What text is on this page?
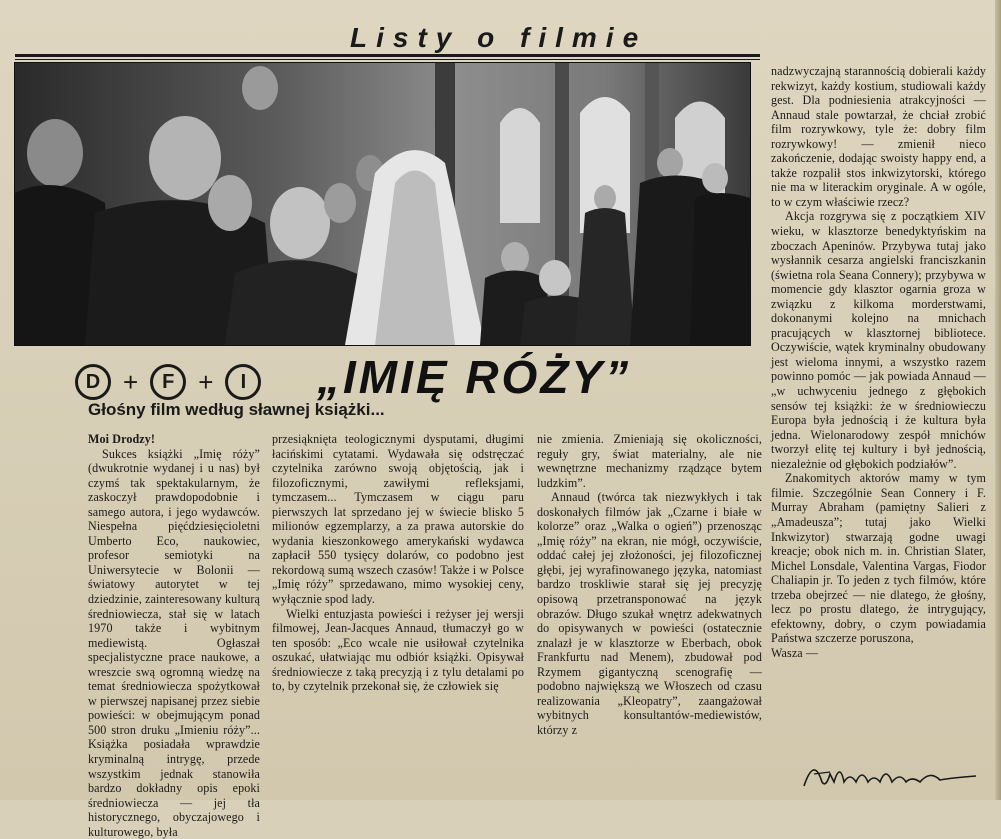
Listy o filmie
D +	F +	I	„IMIĘ RÓŻY”
Głośny film według sławnej książki...

Moi Drodzy!

Sukces książki „Imię róży” (dwukrotnie wydanej i u nas) był czymś tak spektakularnym, że zaskoczył prawdopodobnie i samego autora, i jego wydawców. Niespełna pięćdziesięcioletni Umberto Eco, naukowiec, profesor semiotyki na Uniwersytecie w Bolonii — światowy autorytet w tej dziedzinie, zainteresowany kulturą średniowiecza, stał się w latach 1970 także i wybitnym mediewistą. Ogłaszał specjalistyczne prace naukowe, a wreszcie swą ogromną wiedzę na temat średniowiecza spożytkował w pierwszej napisanej przez siebie powieści: w obejmującym ponad 500 stron druku „Imieniu róży”... Książka posiadała wprawdzie kryminalną intrygę, przede wszystkim jednak stanowiła bardzo dokładny opis epoki średniowiecza — jej tła historycznego, obyczajowego i kulturowego, była

przesiąknięta teologicznymi dysputami, długimi łacińskimi cytatami. Wydawała się odstręczać czytelnika zarówno swoją objętością, jak i filozoficznymi, zawiłymi refleksjami, tymczasem... Tymczasem w ciągu paru pierwszych lat sprzedano jej w świecie blisko 5 milionów egzemplarzy, a za prawa autorskie do wydania kieszonkowego amerykański wydawca zapłacił 550 tysięcy dolarów, co podobno jest rekordową sumą wszech czasów! Także i w Polsce „Imię róży” sprzedawano, mimo wysokiej ceny, wyłącznie spod lady.

Wielki entuzjasta powieści i reżyser jej wersji filmowej, Jean-Jacques Annaud, tłumaczył go w ten sposób: „Eco wcale nie usiłował czytelnika oszukać, ułatwiając mu odbiór książki. Opisywał średniowiecze z taką precyzją i z tylu detalami po to, by czytelnik przekonał się, że człowiek się

nie zmienia. Zmieniają się okoliczności, reguły gry, świat materialny, ale nie wewnętrzne mechanizmy rządzące bytem ludzkim”.

Annaud (twórca tak niezwykłych i tak doskonałych filmów jak „Czarne i białe w kolorze” oraz „Walka o ogień”) przenosząc „Imię róży” na ekran, nie mógł, oczywiście, oddać całej jej złożoności, jej filozoficznej głębi, jej wyrafinowanego języka, natomiast bardzo troskliwie starał się jej precyzję opisową przetransponować na język obrazów. Długo szukał wnętrz adekwatnych do opisywanych w powieści (ostatecznie znalazł je w klasztorze w Eberbach, obok Frankfurtu nad Menem), zbudował pod Rzymem gigantyczną scenografię — podobno największą we Włoszech od czasu realizowania „Kleopatry”, zaangażował wybitnych konsultantów-mediewistów, którzy z

nadzwyczajną starannością dobierali każdy rekwizyt, każdy kostium, studiowali każdy gest. Dla podniesienia atrakcyjności — Annaud stale powtarzał, że chciał zrobić film rozrywkowy, tyle że: dobry film rozrywkowy! — zmienił nieco zakończenie, dodając swoisty happy end, a także rozpalił stos inkwizytorski, którego nie ma w literackim oryginale. A w ogóle, to w czym właściwie rzecz?

Akcja rozgrywa się z początkiem XIV wieku, w klasztorze benedyktyńskim na zboczach Apeninów. Przybywa tutaj jako wysłannik cesarza angielski franciszkanin (świetna rola Seana Connery); przybywa w momencie gdy klasztor ogarnia groza w związku z kilkoma morderstwami, dokonanymi kolejno na mnichach pracujących w klasztornej bibliotece. Oczywiście, wątek kryminalny obudowany jest wieloma innymi, a wszystko razem powinno pomóc — jak powiada Annaud — „w uchwyceniu jednego z głębokich sensów tej książki: że w średniowieczu Europa była jednością i że kultura była jedna. Wielonarodowy zespół mnichów tworzył elitę tej kultury i był jednością, niezależnie od głębokich podziałów”.

Znakomitych aktorów mamy w tym filmie. Szczególnie Sean Connery i F. Murray Abraham (pamiętny Salieri z „Amadeusza”; tutaj jako Wielki Inkwizytor) stwarzają godne uwagi kreacje; obok nich m. in. Christian Slater, Michel Lonsdale, Valentina Vargas, Fiodor Chaliapin jr. To jeden z tych filmów, które trzeba obejrzeć — nie dlatego, że głośny, lecz po prostu dlatego, że intrygujący, efektowny, dobry, o czym powiadamia Państwa szczerze poruszona,

Wasza —
